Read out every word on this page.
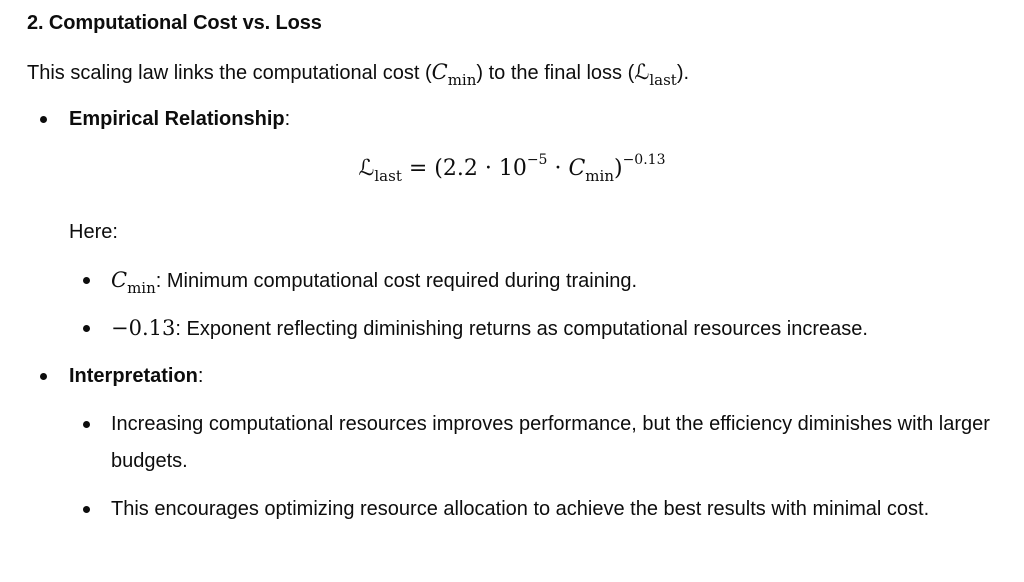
2. Computational Cost vs. Loss
This scaling law links the computational cost $(C_{min})$ to the final loss (ℒ$_{last}$).
Empirical Relationship:
ℒ$_{last}$ = $(2.2 \cdot 10^{-5} \cdot C_{min})^{-0.13}$
Here:
$C_{min}$: Minimum computational cost required during training.
−0.13: Exponent reflecting diminishing returns as computational resources increase.
Interpretation:
Increasing computational resources improves performance, but the efficiency diminishes with larger budgets.
This encourages optimizing resource allocation to achieve the best results with minimal cost.
